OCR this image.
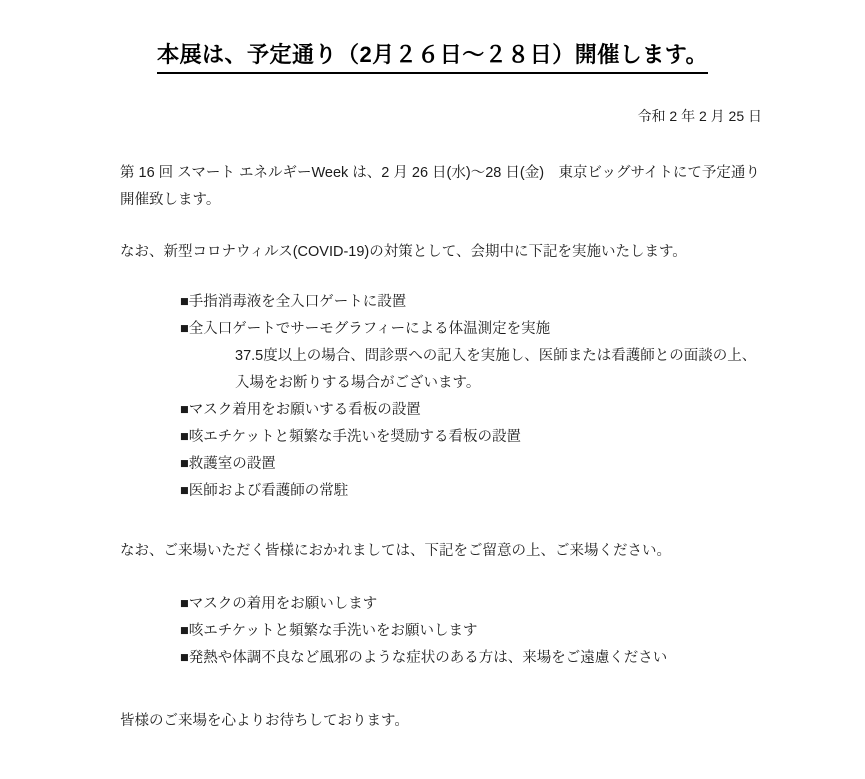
本展は、予定通り（2月２６日～２８日）開催します。
令和 2 年 2 月 25 日
第 16 回 スマート エネルギーWeek は、2 月 26 日(水)～28 日(金)　東京ビッグサイトにて予定通り
開催致します。
なお、新型コロナウィルス(COVID-19)の対策として、会期中に下記を実施いたします。
■手指消毒液を全入口ゲートに設置
■全入口ゲートでサーモグラフィーによる体温測定を実施
37.5度以上の場合、問診票への記入を実施し、医師または看護師との面談の上、
入場をお断りする場合がございます。
■マスク着用をお願いする看板の設置
■咳エチケットと頻繁な手洗いを奨励する看板の設置
■救護室の設置
■医師および看護師の常駐
なお、ご来場いただく皆様におかれましては、下記をご留意の上、ご来場ください。
■マスクの着用をお願いします
■咳エチケットと頻繁な手洗いをお願いします
■発熱や体調不良など風邪のような症状のある方は、来場をご遠慮ください
皆様のご来場を心よりお待ちしております。
